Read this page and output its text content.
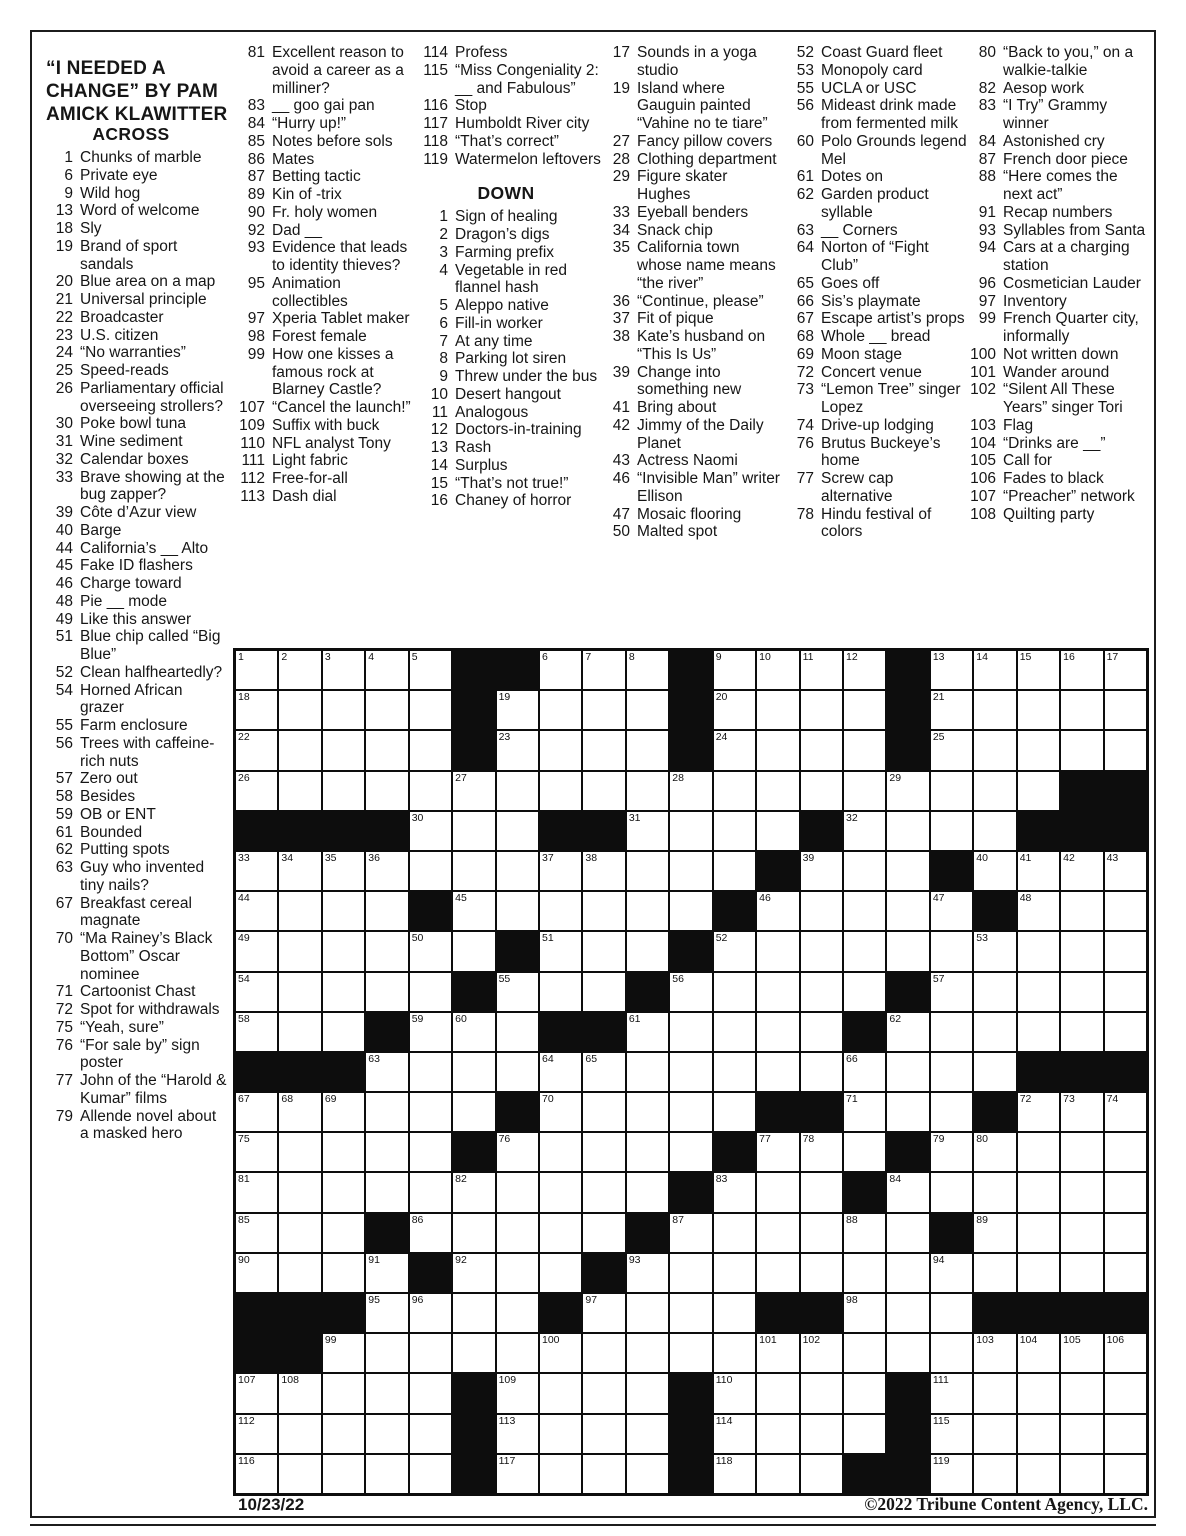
“I NEEDED A CHANGE” BY PAM AMICK KLAWITTER
ACROSS
1 Chunks of marble
6 Private eye
9 Wild hog
13 Word of welcome
18 Sly
19 Brand of sport sandals
20 Blue area on a map
21 Universal principle
22 Broadcaster
23 U.S. citizen
24 “No warranties”
25 Speed-reads
26 Parliamentary official overseeing strollers?
30 Poke bowl tuna
31 Wine sediment
32 Calendar boxes
33 Brave showing at the bug zapper?
39 Côte d’Azur view
40 Barge
44 California’s __ Alto
45 Fake ID flashers
46 Charge toward
48 Pie __ mode
49 Like this answer
51 Blue chip called “Big Blue”
52 Clean halfheartedly?
54 Horned African grazer
55 Farm enclosure
56 Trees with caffeine-rich nuts
57 Zero out
58 Besides
59 OB or ENT
61 Bounded
62 Putting spots
63 Guy who invented tiny nails?
67 Breakfast cereal magnate
70 “Ma Rainey’s Black Bottom” Oscar nominee
71 Cartoonist Chast
72 Spot for withdrawals
75 “Yeah, sure”
76 “For sale by” sign poster
77 John of the “Harold & Kumar” films
79 Allende novel about a masked hero
81 Excellent reason to avoid a career as a milliner?
83 __ goo gai pan
84 “Hurry up!”
85 Notes before sols
86 Mates
87 Betting tactic
89 Kin of -trix
90 Fr. holy women
92 Dad __
93 Evidence that leads to identity thieves?
95 Animation collectibles
97 Xperia Tablet maker
98 Forest female
99 How one kisses a famous rock at Blarney Castle?
107 “Cancel the launch!”
109 Suffix with buck
110 NFL analyst Tony
111 Light fabric
112 Free-for-all
113 Dash dial
114 Profess
115 “Miss Congeniality 2: __ and Fabulous”
116 Stop
117 Humboldt River city
118 “That’s correct”
119 Watermelon leftovers
DOWN
1 Sign of healing
2 Dragon’s digs
3 Farming prefix
4 Vegetable in red flannel hash
5 Aleppo native
6 Fill-in worker
7 At any time
8 Parking lot siren
9 Threw under the bus
10 Desert hangout
11 Analogous
12 Doctors-in-training
13 Rash
14 Surplus
15 “That’s not true!”
16 Chaney of horror
17 Sounds in a yoga studio
19 Island where Gauguin painted “Vahine no te tiare”
27 Fancy pillow covers
28 Clothing department
29 Figure skater Hughes
33 Eyeball benders
34 Snack chip
35 California town whose name means “the river”
36 “Continue, please”
37 Fit of pique
38 Kate’s husband on “This Is Us”
39 Change into something new
41 Bring about
42 Jimmy of the Daily Planet
43 Actress Naomi
46 “Invisible Man” writer Ellison
47 Mosaic flooring
50 Malted spot
52 Coast Guard fleet
53 Monopoly card
55 UCLA or USC
56 Mideast drink made from fermented milk
60 Polo Grounds legend Mel
61 Dotes on
62 Garden product syllable
63 __ Corners
64 Norton of “Fight Club”
65 Goes off
66 Sis’s playmate
67 Escape artist’s props
68 Whole __ bread
69 Moon stage
72 Concert venue
73 “Lemon Tree” singer Lopez
74 Drive-up lodging
76 Brutus Buckeye’s home
77 Screw cap alternative
78 Hindu festival of colors
80 “Back to you,” on a walkie-talkie
82 Aesop work
83 “I Try” Grammy winner
84 Astonished cry
87 French door piece
88 “Here comes the next act”
91 Recap numbers
93 Syllables from Santa
94 Cars at a charging station
96 Cosmetician Lauder
97 Inventory
99 French Quarter city, informally
100 Not written down
101 Wander around
102 “Silent All These Years” singer Tori
103 Flag
104 “Drinks are __”
105 Call for
106 Fades to black
107 “Preacher” network
108 Quilting party
1	2	3	4	5	6	7	8	9	10	11	12	13	14	15	16	17
18	19	20	21
22	23	24	25
26	27	28	29
30	31	32
33	34	35	36	37	38	39	40	41	42	43
44	45	46	47	48
49	50	51	52	53
54	55	56	57
58	59	60	61	62
63	64	65	66
67	68	69	70	71	72	73	74
75	76	77	78	79	80
81	82	83	84
85	86	87	88	89
90	91	92	93	94
95	96	97	98
99	100	101 102	103 104 105 106
107 108	109	110	111
112	113	114	115
116	117	118	119
10/23/22	©2022 Tribune Content Agency, LLC.
